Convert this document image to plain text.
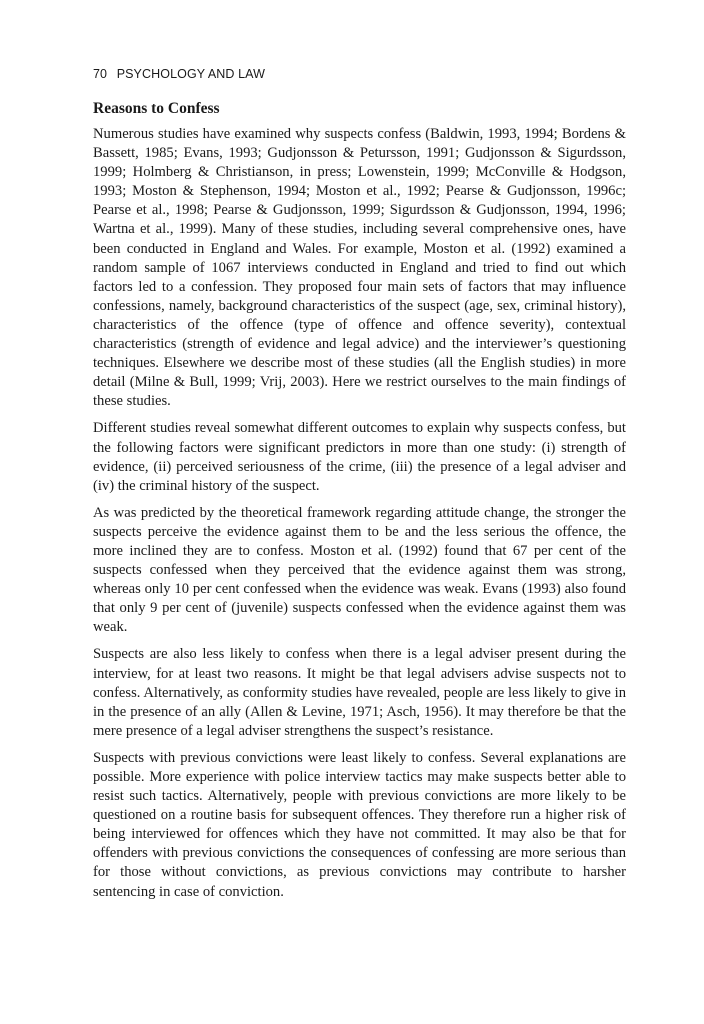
70 PSYCHOLOGY AND LAW
Reasons to Confess

Numerous studies have examined why suspects confess (Baldwin, 1993, 1994; Bordens & Bassett, 1985; Evans, 1993; Gudjonsson & Petursson, 1991; Gudjonsson & Sigurdsson, 1999; Holmberg & Christianson, in press; Lowenstein, 1999; McConville & Hodgson, 1993; Moston & Stephenson, 1994; Moston et al., 1992; Pearse & Gudjonsson, 1996c; Pearse et al., 1998; Pearse & Gudjonsson, 1999; Sigurdsson & Gudjonsson, 1994, 1996; Wartna et al., 1999). Many of these studies, including several comprehensive ones, have been conducted in England and Wales. For example, Moston et al. (1992) examined a random sample of 1067 interviews conducted in England and tried to find out which factors led to a confession. They proposed four main sets of factors that may influence confessions, namely, background characteristics of the suspect (age, sex, criminal history), characteristics of the offence (type of offence and offence severity), contextual characteristics (strength of evidence and legal advice) and the interviewer’s questioning techniques. Elsewhere we describe most of these studies (all the English studies) in more detail (Milne & Bull, 1999; Vrij, 2003). Here we restrict ourselves to the main findings of these studies.

Different studies reveal somewhat different outcomes to explain why suspects confess, but the following factors were significant predictors in more than one study: (i) strength of evidence, (ii) perceived seriousness of the crime, (iii) the presence of a legal adviser and (iv) the criminal history of the suspect.

As was predicted by the theoretical framework regarding attitude change, the stronger the suspects perceive the evidence against them to be and the less serious the offence, the more inclined they are to confess. Moston et al. (1992) found that 67 per cent of the suspects confessed when they perceived that the evidence against them was strong, whereas only 10 per cent confessed when the evidence was weak. Evans (1993) also found that only 9 per cent of (juvenile) suspects confessed when the evidence against them was weak.

Suspects are also less likely to confess when there is a legal adviser present during the interview, for at least two reasons. It might be that legal advisers advise suspects not to confess. Alternatively, as conformity studies have revealed, people are less likely to give in in the presence of an ally (Allen & Levine, 1971; Asch, 1956). It may therefore be that the mere presence of a legal adviser strengthens the suspect’s resistance.

Suspects with previous convictions were least likely to confess. Several explanations are possible. More experience with police interview tactics may make suspects better able to resist such tactics. Alternatively, people with previous convictions are more likely to be questioned on a routine basis for subsequent offences. They therefore run a higher risk of being interviewed for offences which they have not committed. It may also be that for offenders with previous convictions the consequences of confessing are more serious than for those without convictions, as previous convictions may contribute to harsher sentencing in case of conviction.
